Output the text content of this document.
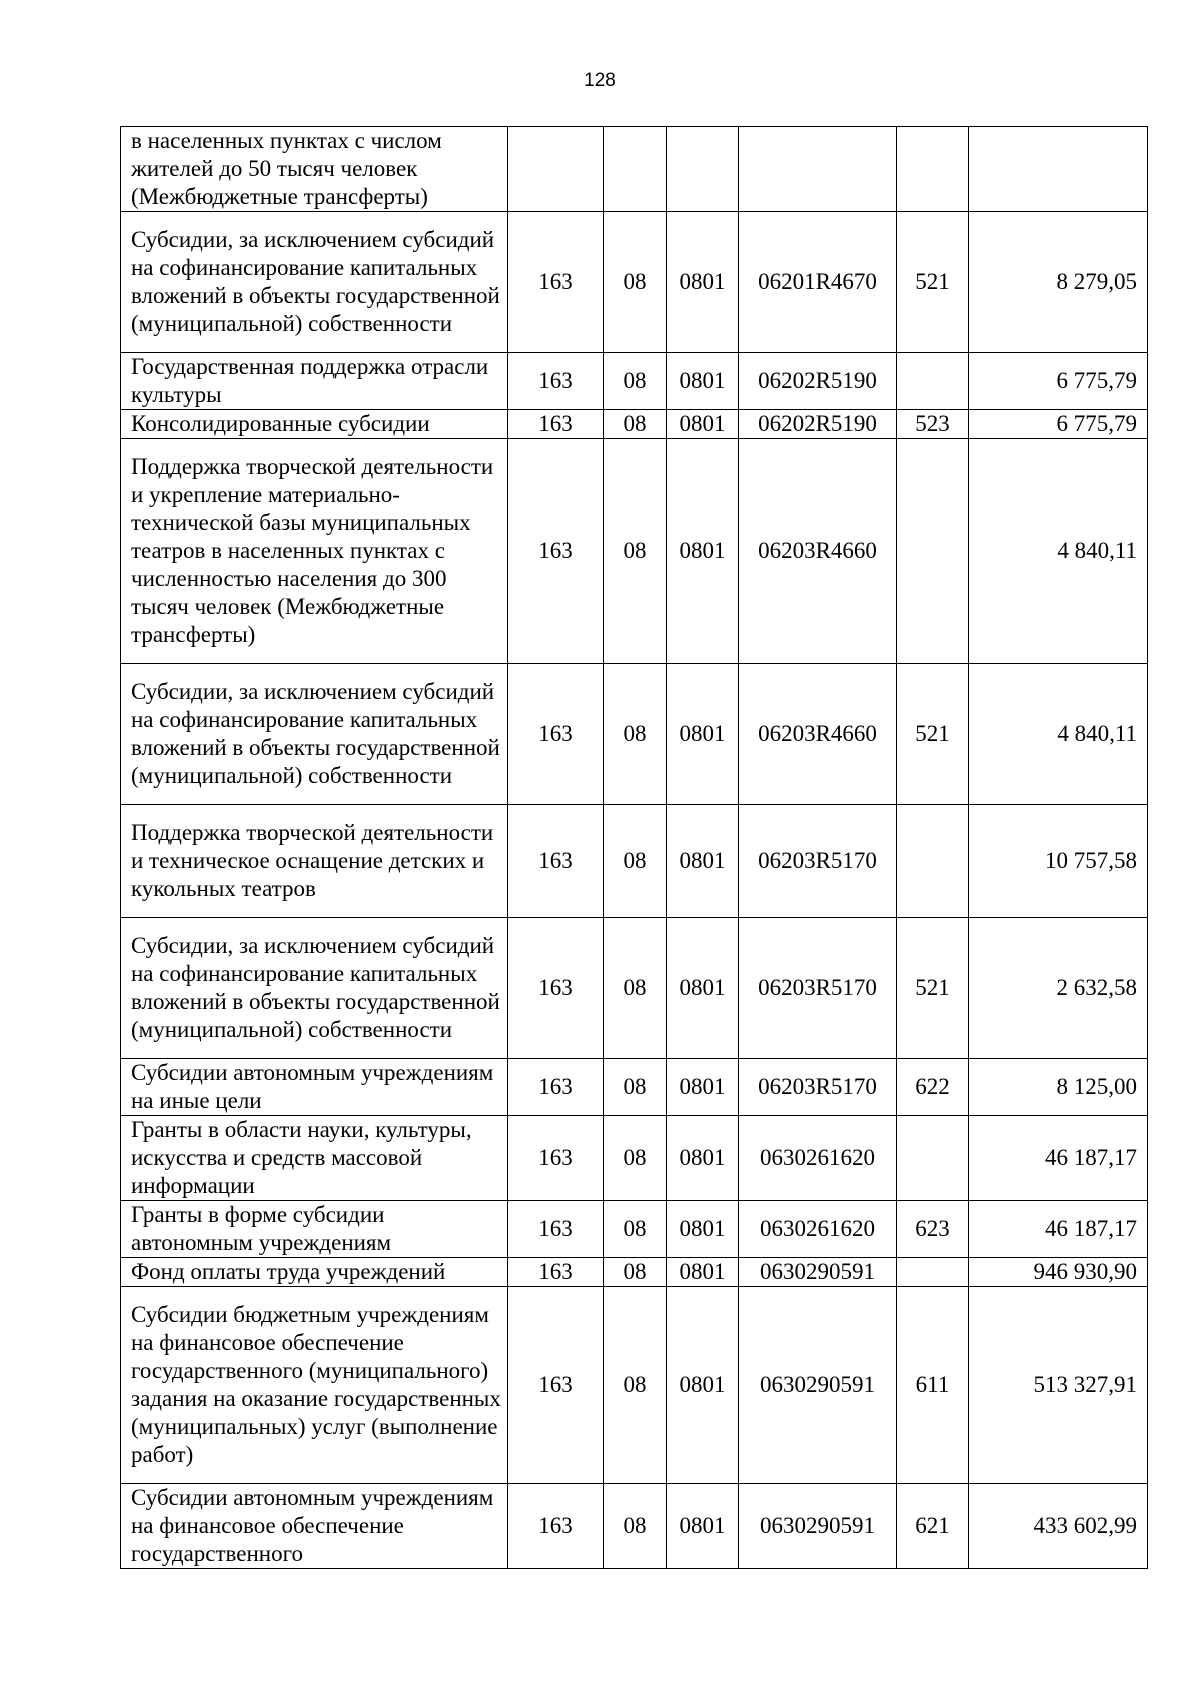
128
в населенных пунктах с числом жителей до 50 тысяч человек (Межбюджетные трансферты)						
Субсидии, за исключением субсидий на софинансирование капитальных вложений в объекты государственной (муниципальной) собственности	163	08	0801	06201R4670	521	8 279,05
Государственная поддержка отрасли культуры	163	08	0801	06202R5190		6 775,79
Консолидированные субсидии	163	08	0801	06202R5190	523	6 775,79
Поддержка творческой деятельности и укрепление материально-технической базы муниципальных театров в населенных пунктах с численностью населения до 300 тысяч человек (Межбюджетные трансферты)	163	08	0801	06203R4660		4 840,11
Субсидии, за исключением субсидий на софинансирование капитальных вложений в объекты государственной (муниципальной) собственности	163	08	0801	06203R4660	521	4 840,11
Поддержка творческой деятельности и техническое оснащение детских и кукольных театров	163	08	0801	06203R5170		10 757,58
Субсидии, за исключением субсидий на софинансирование капитальных вложений в объекты государственной (муниципальной) собственности	163	08	0801	06203R5170	521	2 632,58
Субсидии автономным учреждениям на иные цели	163	08	0801	06203R5170	622	8 125,00
Гранты в области науки, культуры, искусства и средств массовой информации	163	08	0801	0630261620		46 187,17
Гранты в форме субсидии автономным учреждениям	163	08	0801	0630261620	623	46 187,17
Фонд оплаты труда учреждений	163	08	0801	0630290591		946 930,90
Субсидии бюджетным учреждениям на финансовое обеспечение государственного (муниципального) задания на оказание государственных (муниципальных) услуг (выполнение работ)	163	08	0801	0630290591	611	513 327,91
Субсидии автономным учреждениям на финансовое обеспечение государственного	163	08	0801	0630290591	621	433 602,99
